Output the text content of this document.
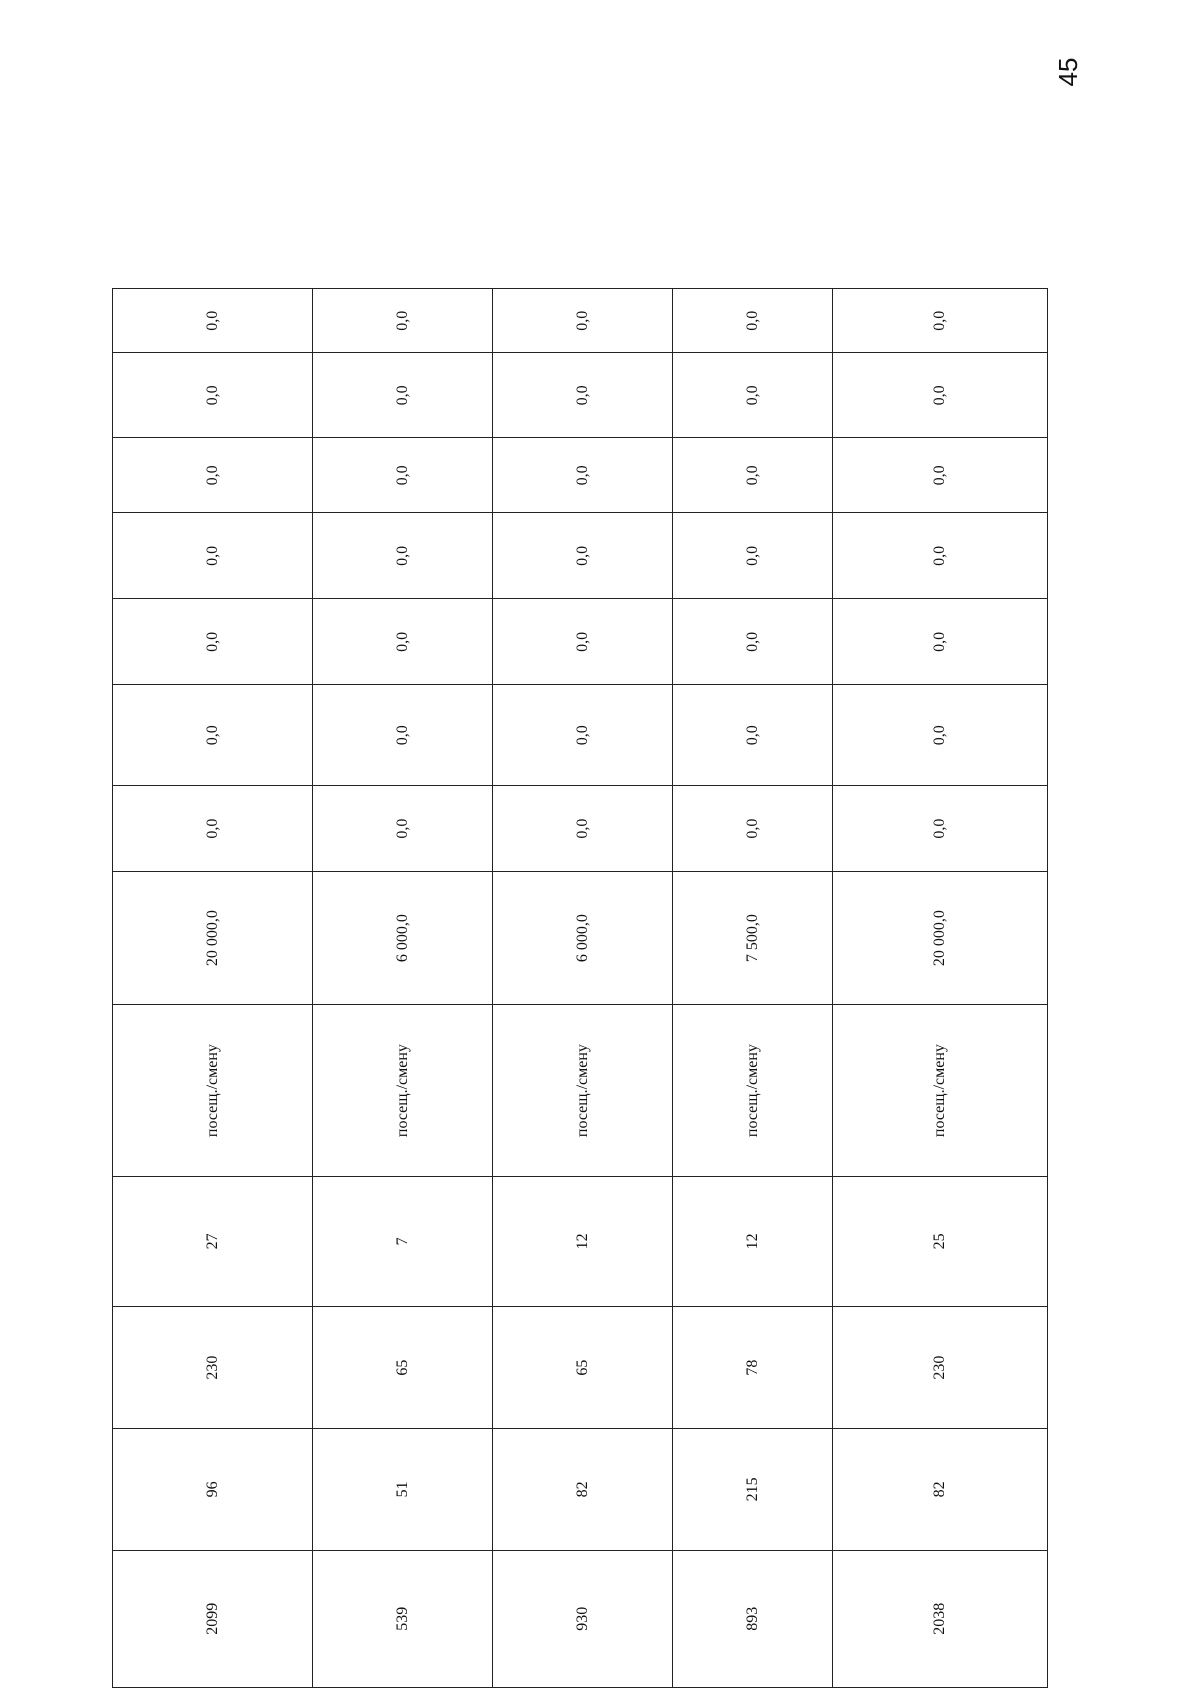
45
2099	96	230	27	посещ./смену	20 000,0	0,0	0,0	0,0	0,0	0,0	0,0	0,0
539	51	65	7	посещ./смену	6 000,0	0,0	0,0	0,0	0,0	0,0	0,0	0,0
930	82	65	12	посещ./смену	6 000,0	0,0	0,0	0,0	0,0	0,0	0,0	0,0
893	215	78	12	посещ./смену	7 500,0	0,0	0,0	0,0	0,0	0,0	0,0	0,0
2038	82	230	25	посещ./смену	20 000,0	0,0	0,0	0,0	0,0	0,0	0,0	0,0
